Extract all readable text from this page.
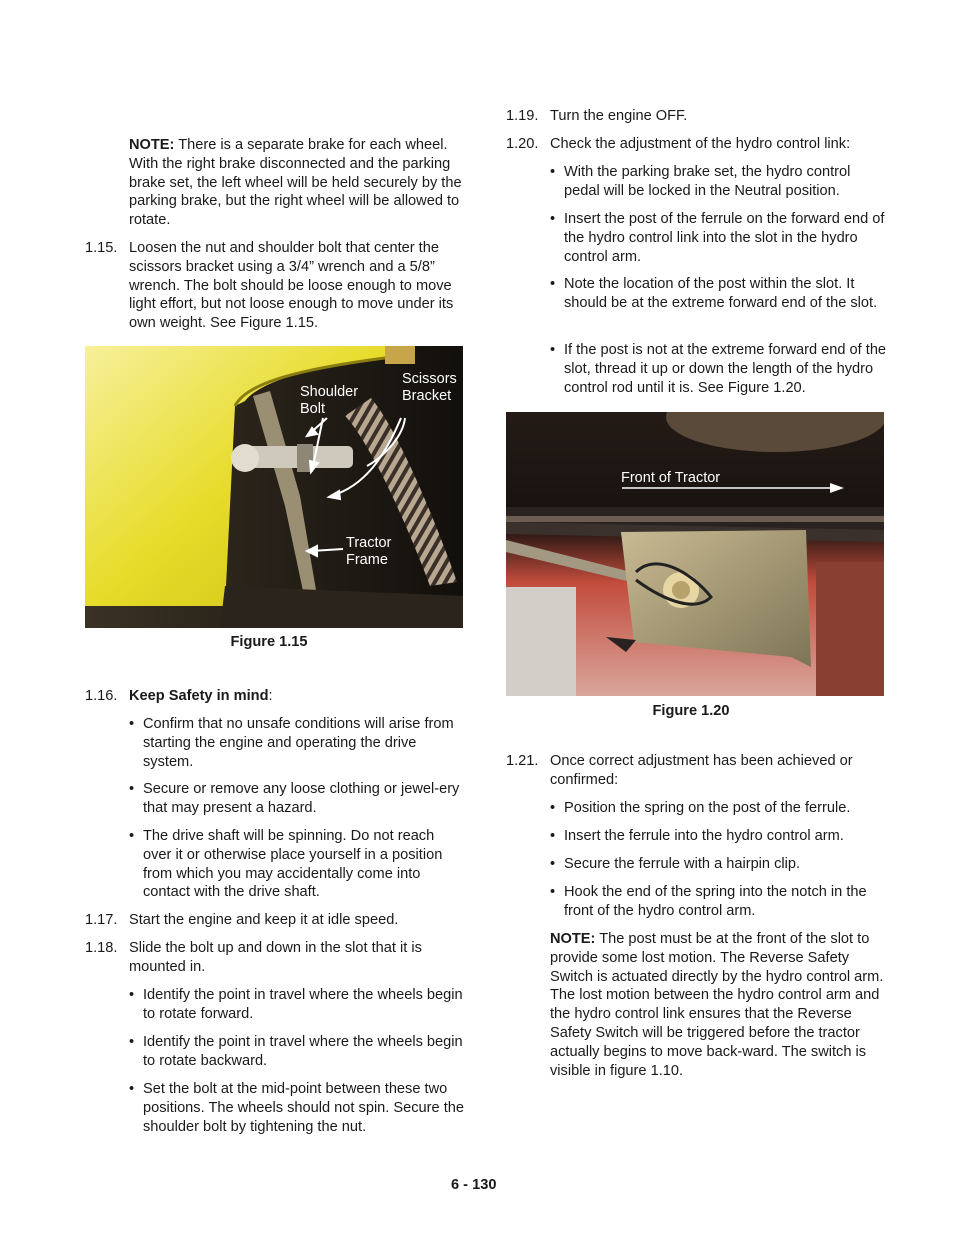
NOTE: There is a separate brake for each wheel. With the right brake disconnected and the parking brake set, the left wheel will be held securely by the parking brake, but the right wheel will be allowed to rotate.
1.15. Loosen the nut and shoulder bolt that center the scissors bracket using a 3/4” wrench and a 5/8” wrench. The bolt should be loose enough to move light effort, but not loose enough to move under its own weight. See Figure 1.15.
Shoulder
Bolt
Scissors
Bracket
Tractor
Frame
Figure 1.15
1.16. Keep Safety in mind:
• Confirm that no unsafe conditions will arise from starting the engine and operating the drive system.
• Secure or remove any loose clothing or jewel-ery that may present a hazard.
• The drive shaft will be spinning. Do not reach over it or otherwise place yourself in a position from which you may accidentally come into contact with the drive shaft.
1.17. Start the engine and keep it at idle speed.
1.18. Slide the bolt up and down in the slot that it is mounted in.
• Identify the point in travel where the wheels begin to rotate forward.
• Identify the point in travel where the wheels begin to rotate backward.
• Set the bolt at the mid-point between these two positions. The wheels should not spin. Secure the shoulder bolt by tightening the nut.
1.19. Turn the engine OFF.
1.20. Check the adjustment of the hydro control link:
• With the parking brake set, the hydro control pedal will be locked in the Neutral position.
• Insert the post of the ferrule on the forward end of the hydro control link into the slot in the hydro control arm.
• Note the location of the post within the slot. It should be at the extreme forward end of the slot.
• If the post is not at the extreme forward end of the slot, thread it up or down the length of the hydro control rod until it is. See Figure 1.20.
Front of Tractor
Figure 1.20
1.21. Once correct adjustment has been achieved or confirmed:
• Position the spring on the post of the ferrule.
• Insert the ferrule into the hydro control arm.
• Secure the ferrule with a hairpin clip.
• Hook the end of the spring into the notch in the front of the hydro control arm.
NOTE: The post must be at the front of the slot to provide some lost motion. The Reverse Safety Switch is actuated directly by the hydro control arm. The lost motion between the hydro control arm and the hydro control link ensures that the Reverse Safety Switch will be triggered before the tractor actually begins to move back-ward. The switch is visible in figure 1.10.
6 - 130
